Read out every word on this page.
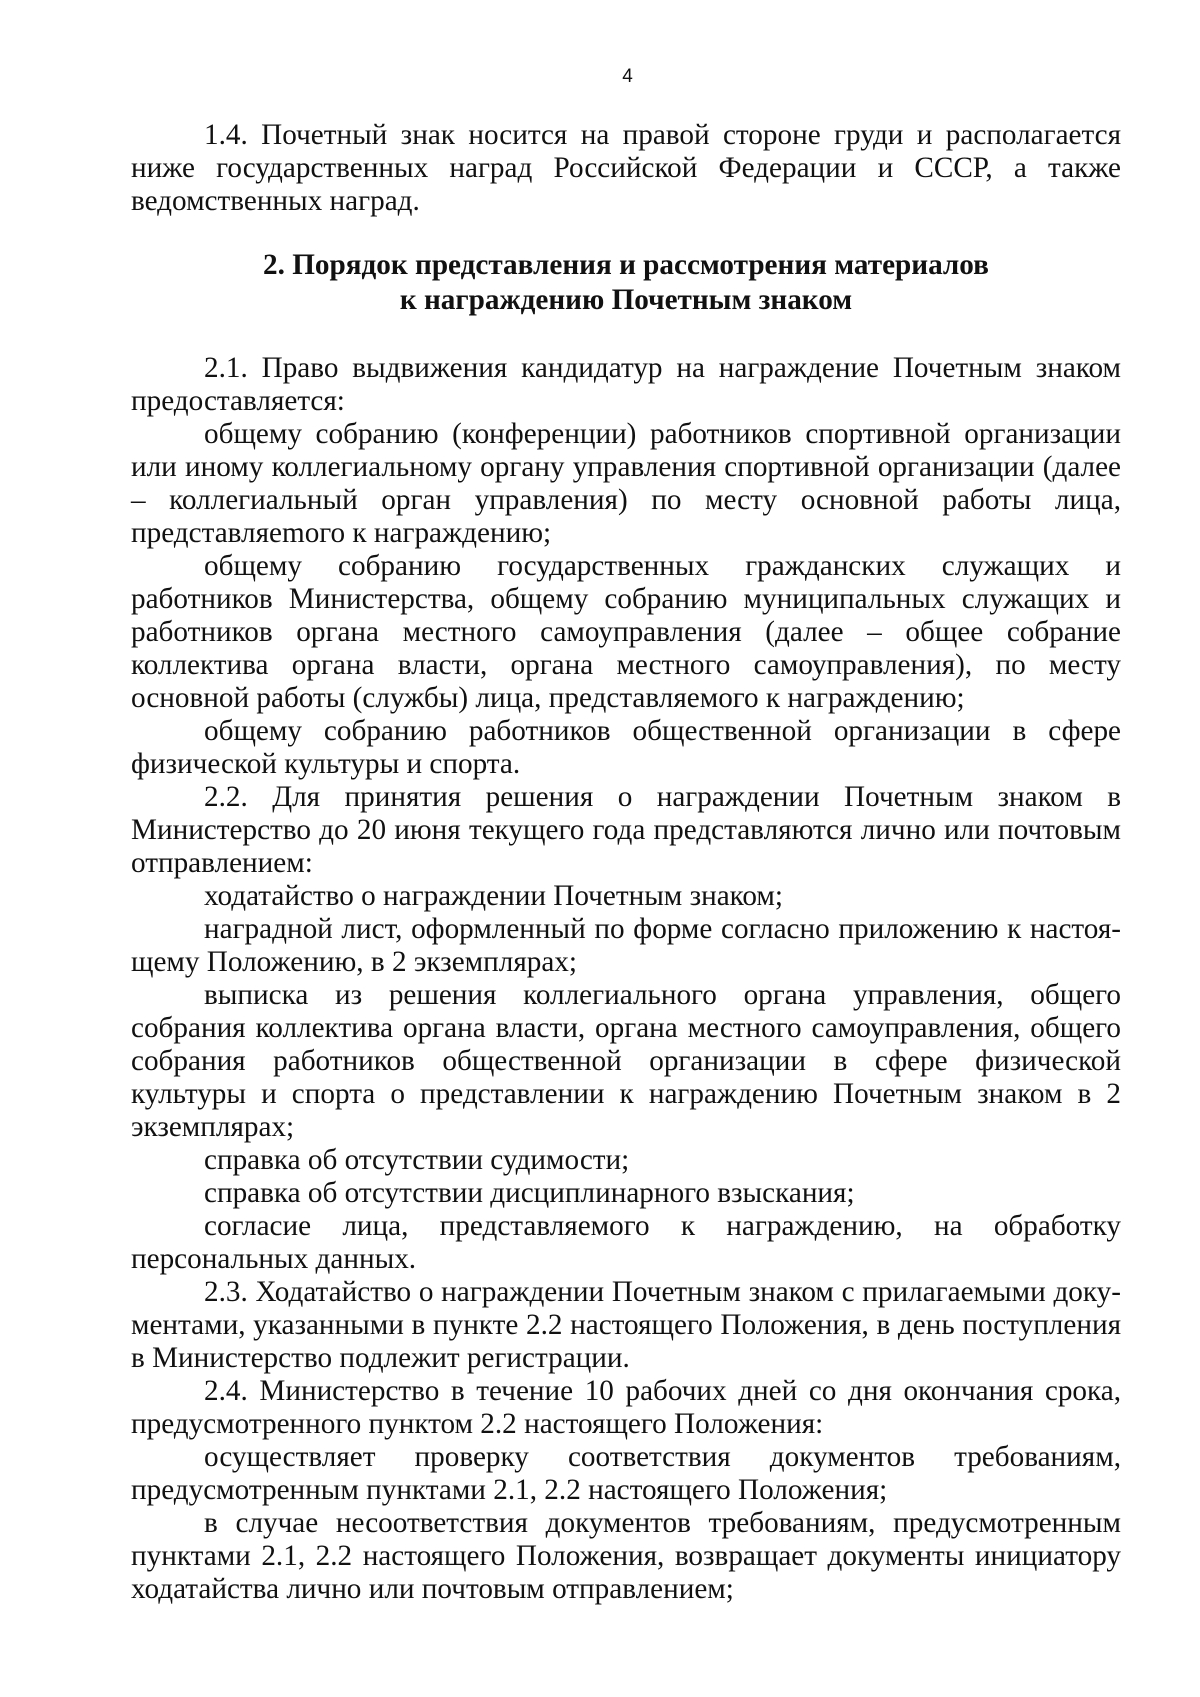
4

1.4. Почетный знак носится на правой стороне груди и располагается ниже государственных наград Российской Федерации и СССР, а также ведомственных наград.

2. Порядок представления и рассмотрения материалов
к награждению Почетным знаком

2.1. Право выдвижения кандидатур на награждение Почетным знаком предоставляется:

общему собранию (конференции) работников спортивной организации или иному коллегиальному органу управления спортивной организации (далее – коллегиальный орган управления) по месту основной работы лица, представляеmого к награждению;

общему собранию государственных гражданских служащих и работников Министерства, общему собранию муниципальных служащих и работников органа местного самоуправления (далее – общее собрание коллектива органа власти, органа местного самоуправления), по месту основной работы (службы) лица, представляемого к награждению;

общему собранию работников общественной организации в сфере физической культуры и спорта.

2.2. Для принятия решения о награждении Почетным знаком в Министерство до 20 июня текущего года представляются лично или почтовым отправлением:

ходатайство о награждении Почетным знаком;

наградной лист, оформленный по форме согласно приложению к настоящему Положению, в 2 экземплярах;

выписка из решения коллегиального органа управления, общего собрания коллектива органа власти, органа местного самоуправления, общего собрания работников общественной организации в сфере физической культуры и спорта о представлении к награждению Почетным знаком в 2 экземплярах;

справка об отсутствии судимости;

справка об отсутствии дисциплинарного взыскания;

согласие лица, представляемого к награждению, на обработку персональных данных.

2.3. Ходатайство о награждении Почетным знаком с прилагаемыми документами, указанными в пункте 2.2 настоящего Положения, в день поступления в Министерство подлежит регистрации.

2.4. Министерство в течение 10 рабочих дней со дня окончания срока, предусмотренного пунктом 2.2 настоящего Положения:

осуществляет проверку соответствия документов требованиям, предусмотренным пунктами 2.1, 2.2 настоящего Положения;

в случае несоответствия документов требованиям, предусмотренным пунктами 2.1, 2.2 настоящего Положения, возвращает документы инициатору ходатайства лично или почтовым отправлением;
